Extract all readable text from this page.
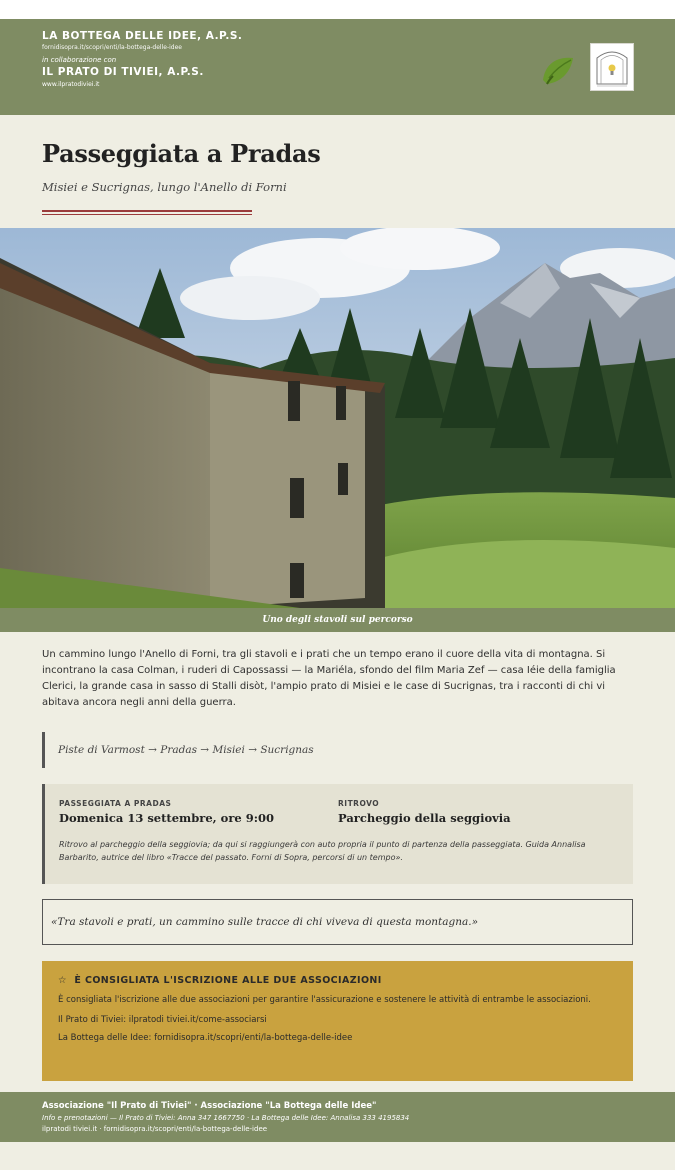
LA BOTTEGA DELLE IDEE, A.P.S.
fornidisopra.it/scopri/enti/la-bottega-delle-idee
in collaborazione con
IL PRATO DI TIVIEI, A.P.S.
www.ilpratodiviei.it
Passeggiata a Pradas
Misiei e Sucrignas, lungo l'Anello di Forni
Uno degli stavoli sul percorso

Un cammino lungo l'Anello di Forni, tra gli stavoli e i prati che un tempo erano il cuore della vita di montagna. Si incontrano la casa Colman, i ruderi di Capossassi — la Mariéla, sfondo del film Maria Zef — casa Iéie della famiglia Clerici, la grande casa in sasso di Stalli disòt, l'ampio prato di Misiei e le case di Sucrignas, tra i racconti di chi vi abitava ancora negli anni della guerra.

Piste di Varmost → Pradas → Misiei → Sucrignas
PASSEGGIATA A PRADAS
Domenica 13 settembre, ore 9:00
RITROVO
Parcheggio della seggiovia
Ritrovo al parcheggio della seggiovia; da qui si raggiungerà con auto propria il punto di partenza della passeggiata. Guida Annalisa Barbarito, autrice del libro «Tracce del passato. Forni di Sopra, percorsi di un tempo».
«Tra stavoli e prati, un cammino sulle tracce di chi viveva di questa montagna.»
☆ È CONSIGLIATA L'ISCRIZIONE ALLE DUE ASSOCIAZIONI
È consigliata l'iscrizione alle due associazioni per garantire l'assicurazione e sostenere le attività di entrambe le associazioni.
Il Prato di Tiviei: ilpratodi tiviei.it/come-associarsi
La Bottega delle Idee: fornidisopra.it/scopri/enti/la-bottega-delle-idee
Associazione "Il Prato di Tiviei" · Associazione "La Bottega delle Idee"
Info e prenotazioni — Il Prato di Tiviei: Anna 347 1667750 · La Bottega delle Idee: Annalisa 333 4195834
ilpratodi tiviei.it · fornidisopra.it/scopri/enti/la-bottega-delle-idee
